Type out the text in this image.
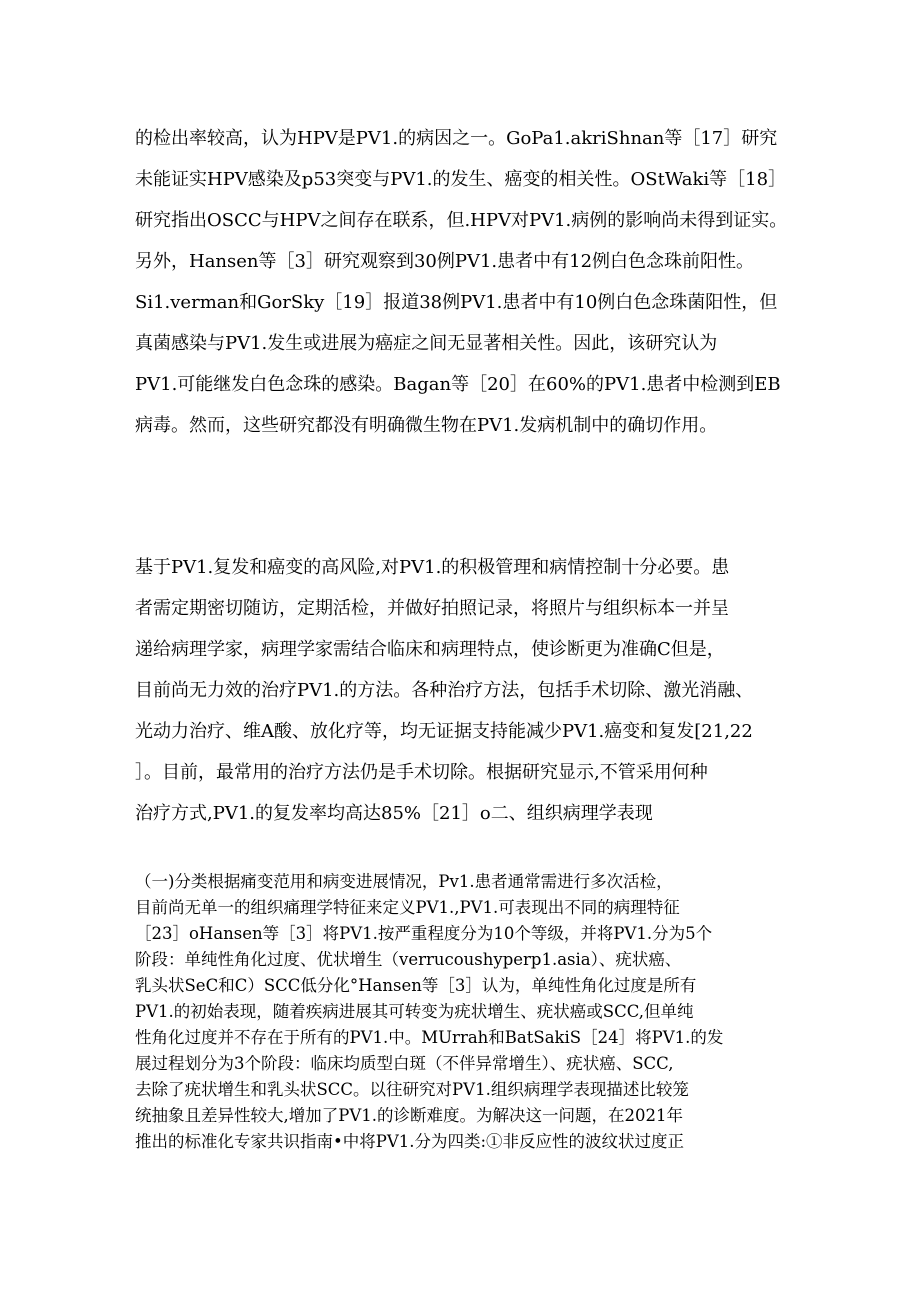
的检出率较高，认为HPV是PV1.的病因之一。GoPa1.akriShnan等［17］研究
未能证实HPV感染及p53突变与PV1.的发生、癌变的相关性。OStWaki等［18］
研究指出OSCC与HPV之间存在联系，但.HPV对PV1.病例的影响尚未得到证实。
另外，Hansen等［3］研究观察到30例PV1.患者中有12例白色念珠前阳性。
Si1.verman和GorSky［19］报道38例PV1.患者中有10例白色念珠菌阳性，但
真菌感染与PV1.发生或进展为癌症之间无显著相关性。因此，该研究认为
PV1.可能继发白色念珠的感染。Bagan等［20］在60%的PV1.患者中检测到EB
病毒。然而，这些研究都没有明确微生物在PV1.发病机制中的确切作用。
基于PV1.复发和癌变的高风险,对PV1.的积极管理和病情控制十分必要。患
者需定期密切随访，定期活检，并做好拍照记录，将照片与组织标本一并呈
递给病理学家，病理学家需结合临床和病理特点，使诊断更为准确C但是，
目前尚无力效的治疗PV1.的方法。各种治疗方法，包括手术切除、激光消融、
光动力治疗、维A酸、放化疗等，均无证据支持能减少PV1.癌变和复发[21,22
］。目前，最常用的治疗方法仍是手术切除。根据研究显示,不管采用何种
治疗方式,PV1.的复发率均高达85%［21］o二、组织病理学表现
（一)分类根据痛变范用和病变进展情况，Pv1.患者通常需进行多次活检，
目前尚无单一的组织痛理学特征来定义PV1.,PV1.可表现出不同的病理特征
［23］oHansen等［3］将PV1.按严重程度分为10个等级，并将PV1.分为5个
阶段：单纯性角化过度、优状增生（verrucoushyperp1.asia）、疣状癌、
乳头状SeC和C）SCC低分化°Hansen等［3］认为，单纯性角化过度是所有
PV1.的初始表现，随着疾病进展其可转变为疣状增生、疣状癌或SCC,但单纯
性角化过度并不存在于所有的PV1.中。MUrrah和BatSakiS［24］将PV1.的发
展过程划分为3个阶段：临床均质型白斑（不伴异常增生）、疣状癌、SCC,
去除了疣状增生和乳头状SCC。以往研究对PV1.组织病理学表现描述比较笼
统抽象且差异性较大,增加了PV1.的诊断难度。为解决这一问题，在2021年
推出的标准化专家共识指南•中将PV1.分为四类:①非反应性的波纹状过度正
